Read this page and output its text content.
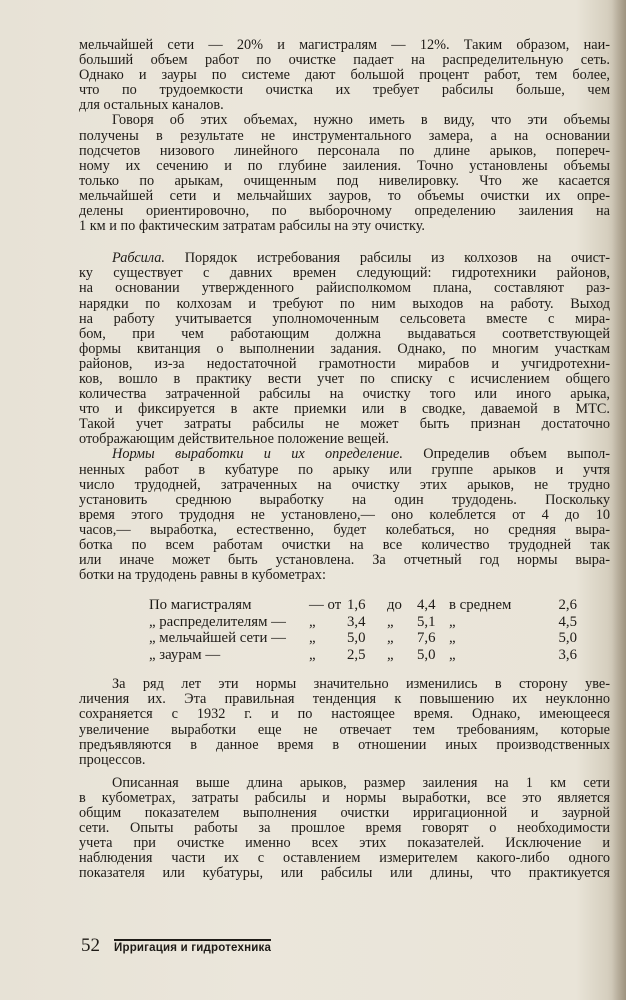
мельчайшей сети — 20% и магистралям — 12%. Таким образом, наи-
больший объем работ по очистке падает на распределительную сеть.
Однако и зауры по системе дают большой процент работ, тем более,
что по трудоемкости очистка их требует рабсилы больше, чем
для остальных каналов.
Говоря об этих объемах, нужно иметь в виду, что эти объемы
получены в результате не инструментального замера, а на основании
подсчетов низового линейного персонала по длине арыков, попереч-
ному их сечению и по глубине заиления. Точно установлены объемы
только по арыкам, очищенным под нивелировку. Что же касается
мельчайшей сети и мельчайших зауров, то объемы очистки их опре-
делены ориентировочно, по выборочному определению заиления на
1 км и по фактическим затратам рабсилы на эту очистку.
Рабсила. Порядок истребования рабсилы из колхозов на очист-
ку существует с давних времен следующий: гидротехники районов,
на основании утвержденного райисполкомом плана, составляют раз-
нарядки по колхозам и требуют по ним выходов на работу. Выход
на работу учитывается уполномоченным сельсовета вместе с мира-
бом, при чем работающим должна выдаваться соответствующей
формы квитанция о выполнении задания. Однако, по многим участкам
районов, из-за недостаточной грамотности мирабов и учгидротехни-
ков, вошло в практику вести учет по списку с исчислением общего
количества затраченной рабсилы на очистку того или иного арыка,
что и фиксируется в акте приемки или в сводке, даваемой в МТС.
Такой учет затраты рабсилы не может быть признан достаточно
отображающим действительное положение вещей.
Нормы выработки и их определение. Определив объем выпол-
ненных работ в кубатуре по арыку или группе арыков и учтя
число трудодней, затраченных на очистку этих арыков, не трудно
установить среднюю выработку на один трудодень. Поскольку
время этого трудодня не установлено,— оно колеблется от 4 до 10
часов,— выработка, естественно, будет колебаться, но средняя выра-
ботка по всем работам очистки на все количество трудодней так
или иначе может быть установлена. За отчетный год нормы выра-
ботки на трудодень равны в кубометрах:
По магистралям	— от	1,6	до	4,4	в среднем	2,6
„ распределителям —	„	3,4	„	5,1	„	4,5
„ мельчайшей сети —	„	5,0	„	7,6	„	5,0
„ заурам —	„	2,5	„	5,0	„	3,6
За ряд лет эти нормы значительно изменились в сторону уве-
личения их. Эта правильная тенденция к повышению их неуклонно
сохраняется с 1932 г. и по настоящее время. Однако, имеющееся
увеличение выработки еще не отвечает тем требованиям, которые
предъявляются в данное время в отношении иных производственных
процессов.
Описанная выше длина арыков, размер заиления на 1 км сети
в кубометрах, затраты рабсилы и нормы выработки, все это является
общим показателем выполнения очистки ирригационной и заурной
сети. Опыты работы за прошлое время говорят о необходимости
учета при очистке именно всех этих показателей. Исключение и
наблюдения части их с оставлением измерителем какого-либо одного
показателя или кубатуры, или рабсилы или длины, что практикуется
52 Ирригация и гидротехника
